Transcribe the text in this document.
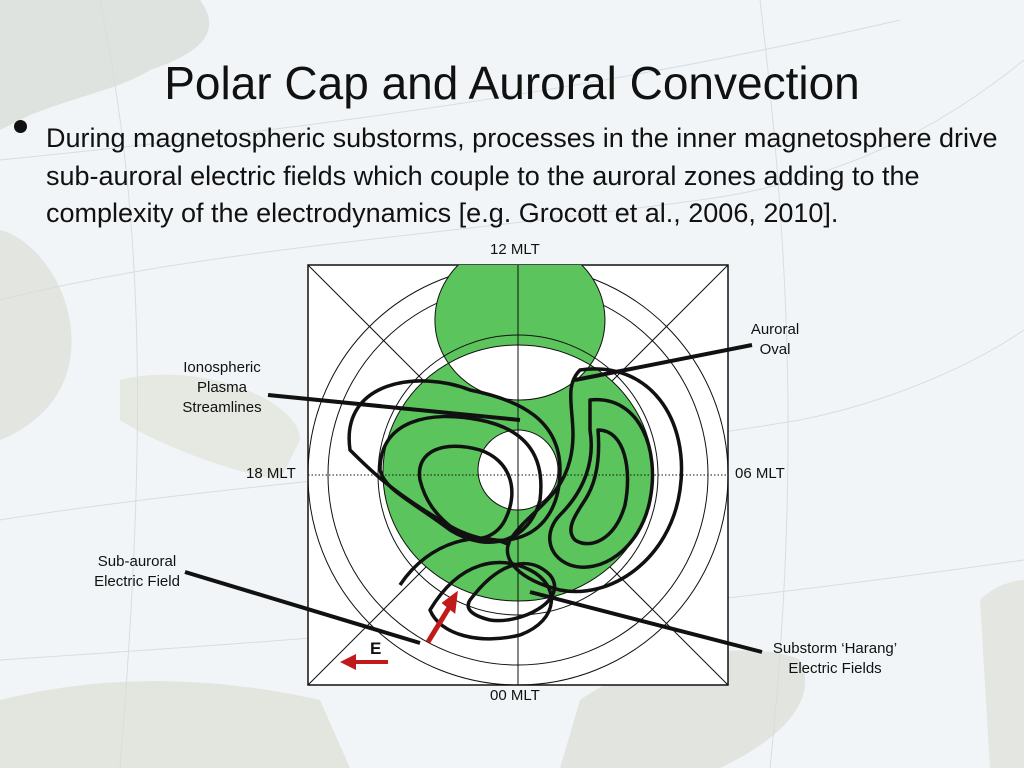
Polar Cap and Auroral Convection
During magnetospheric substorms, processes in the inner magnetosphere drive sub-auroral electric fields which couple to the auroral zones adding to the complexity of the electrodynamics [e.g. Grocott et al., 2006, 2010].
12 MLT
18 MLT	06 MLT
00 MLT
Auroral
Oval
Ionospheric
Plasma
Streamlines
Sub-auroral
Electric Field
Substorm ‘Harang’
Electric Fields
E
